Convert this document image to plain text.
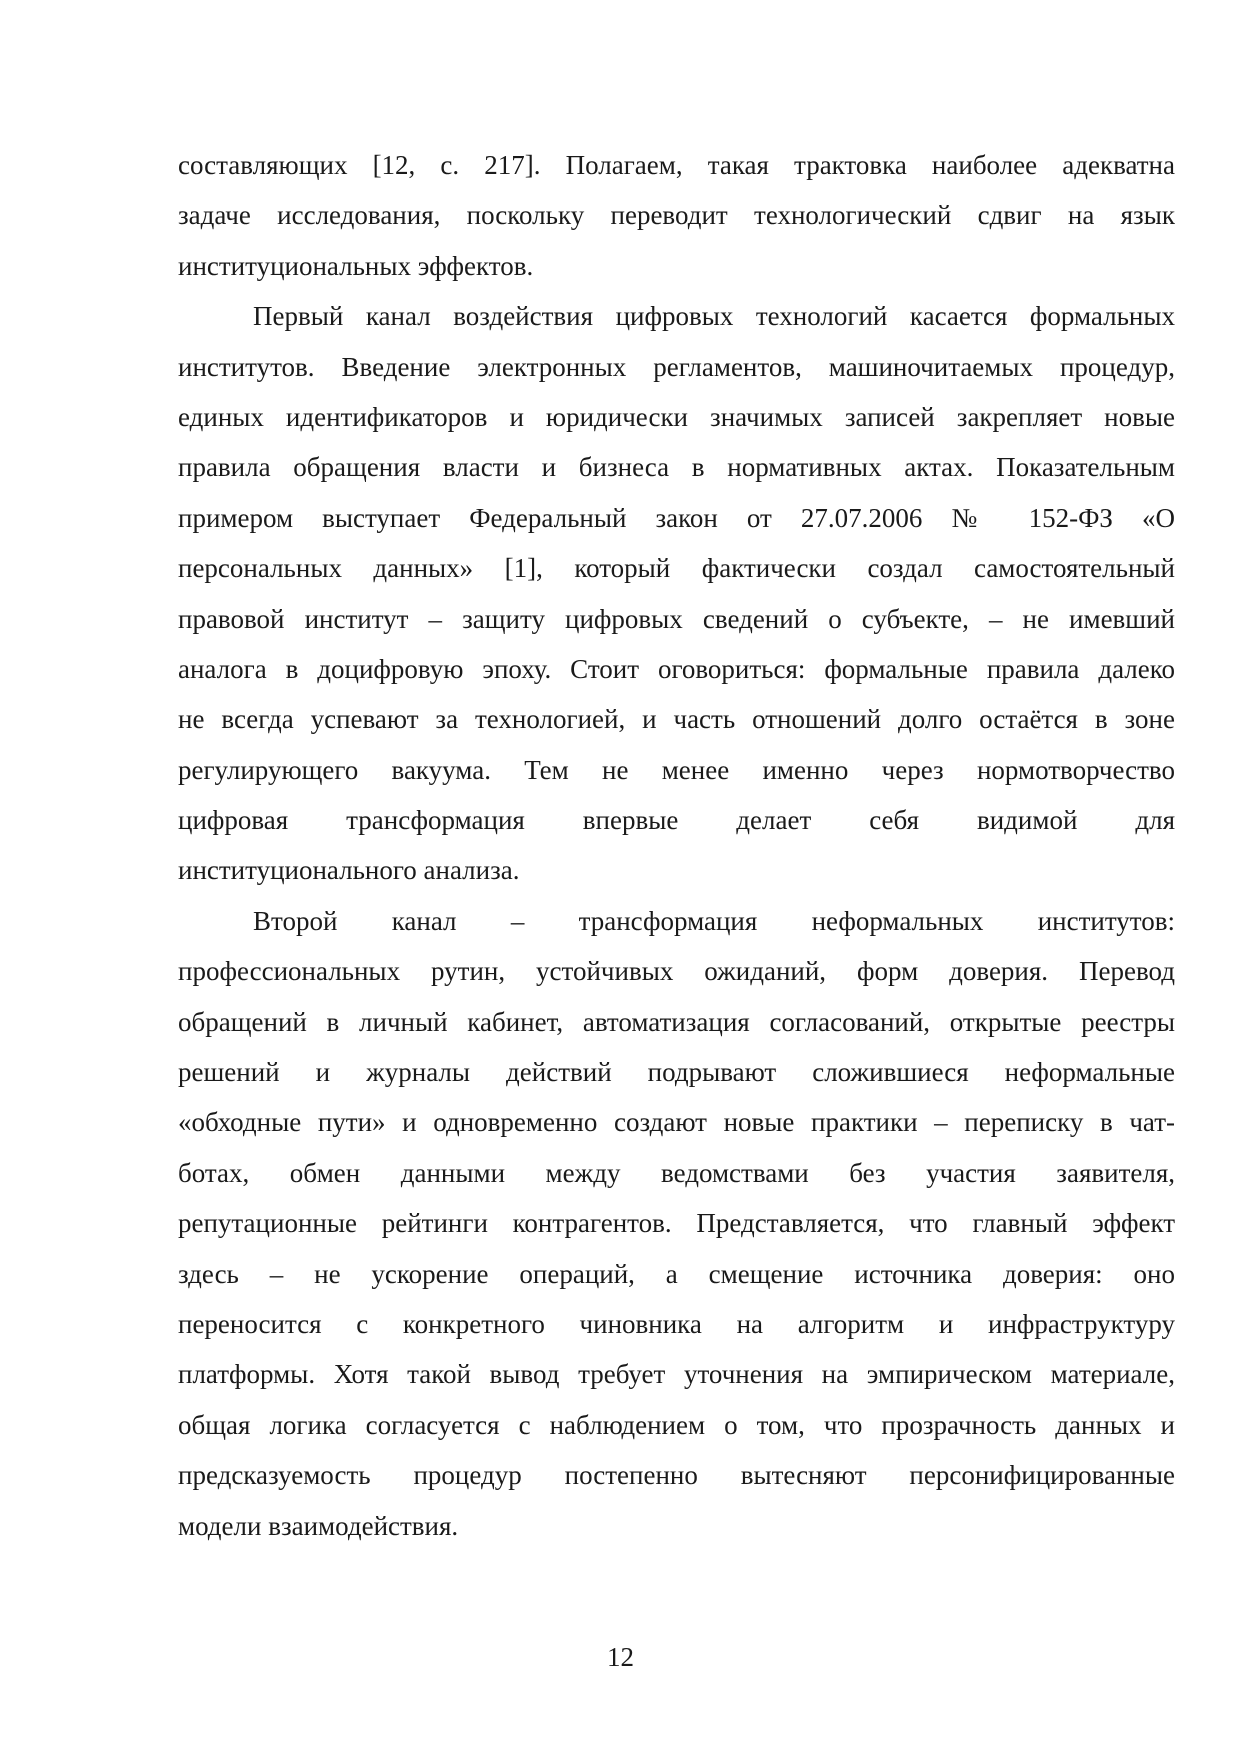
составляющих [12, с. 217]. Полагаем, такая трактовка наиболее адекватна
задаче исследования, поскольку переводит технологический сдвиг на язык
институциональных эффектов.
Первый канал воздействия цифровых технологий касается формальных
институтов. Введение электронных регламентов, машиночитаемых процедур,
единых идентификаторов и юридически значимых записей закрепляет новые
правила обращения власти и бизнеса в нормативных актах. Показательным
примером выступает Федеральный закон от 27.07.2006 № 152-ФЗ «О
персональных данных» [1], который фактически создал самостоятельный
правовой институт – защиту цифровых сведений о субъекте, – не имевший
аналога в доцифровую эпоху. Стоит оговориться: формальные правила далеко
не всегда успевают за технологией, и часть отношений долго остаётся в зоне
регулирующего вакуума. Тем не менее именно через нормотворчество
цифровая трансформация впервые делает себя видимой для
институционального анализа.
Второй канал – трансформация неформальных институтов:
профессиональных рутин, устойчивых ожиданий, форм доверия. Перевод
обращений в личный кабинет, автоматизация согласований, открытые реестры
решений и журналы действий подрывают сложившиеся неформальные
«обходные пути» и одновременно создают новые практики – переписку в чат-
ботах, обмен данными между ведомствами без участия заявителя,
репутационные рейтинги контрагентов. Представляется, что главный эффект
здесь – не ускорение операций, а смещение источника доверия: оно
переносится с конкретного чиновника на алгоритм и инфраструктуру
платформы. Хотя такой вывод требует уточнения на эмпирическом материале,
общая логика согласуется с наблюдением о том, что прозрачность данных и
предсказуемость процедур постепенно вытесняют персонифицированные
модели взаимодействия.
12
